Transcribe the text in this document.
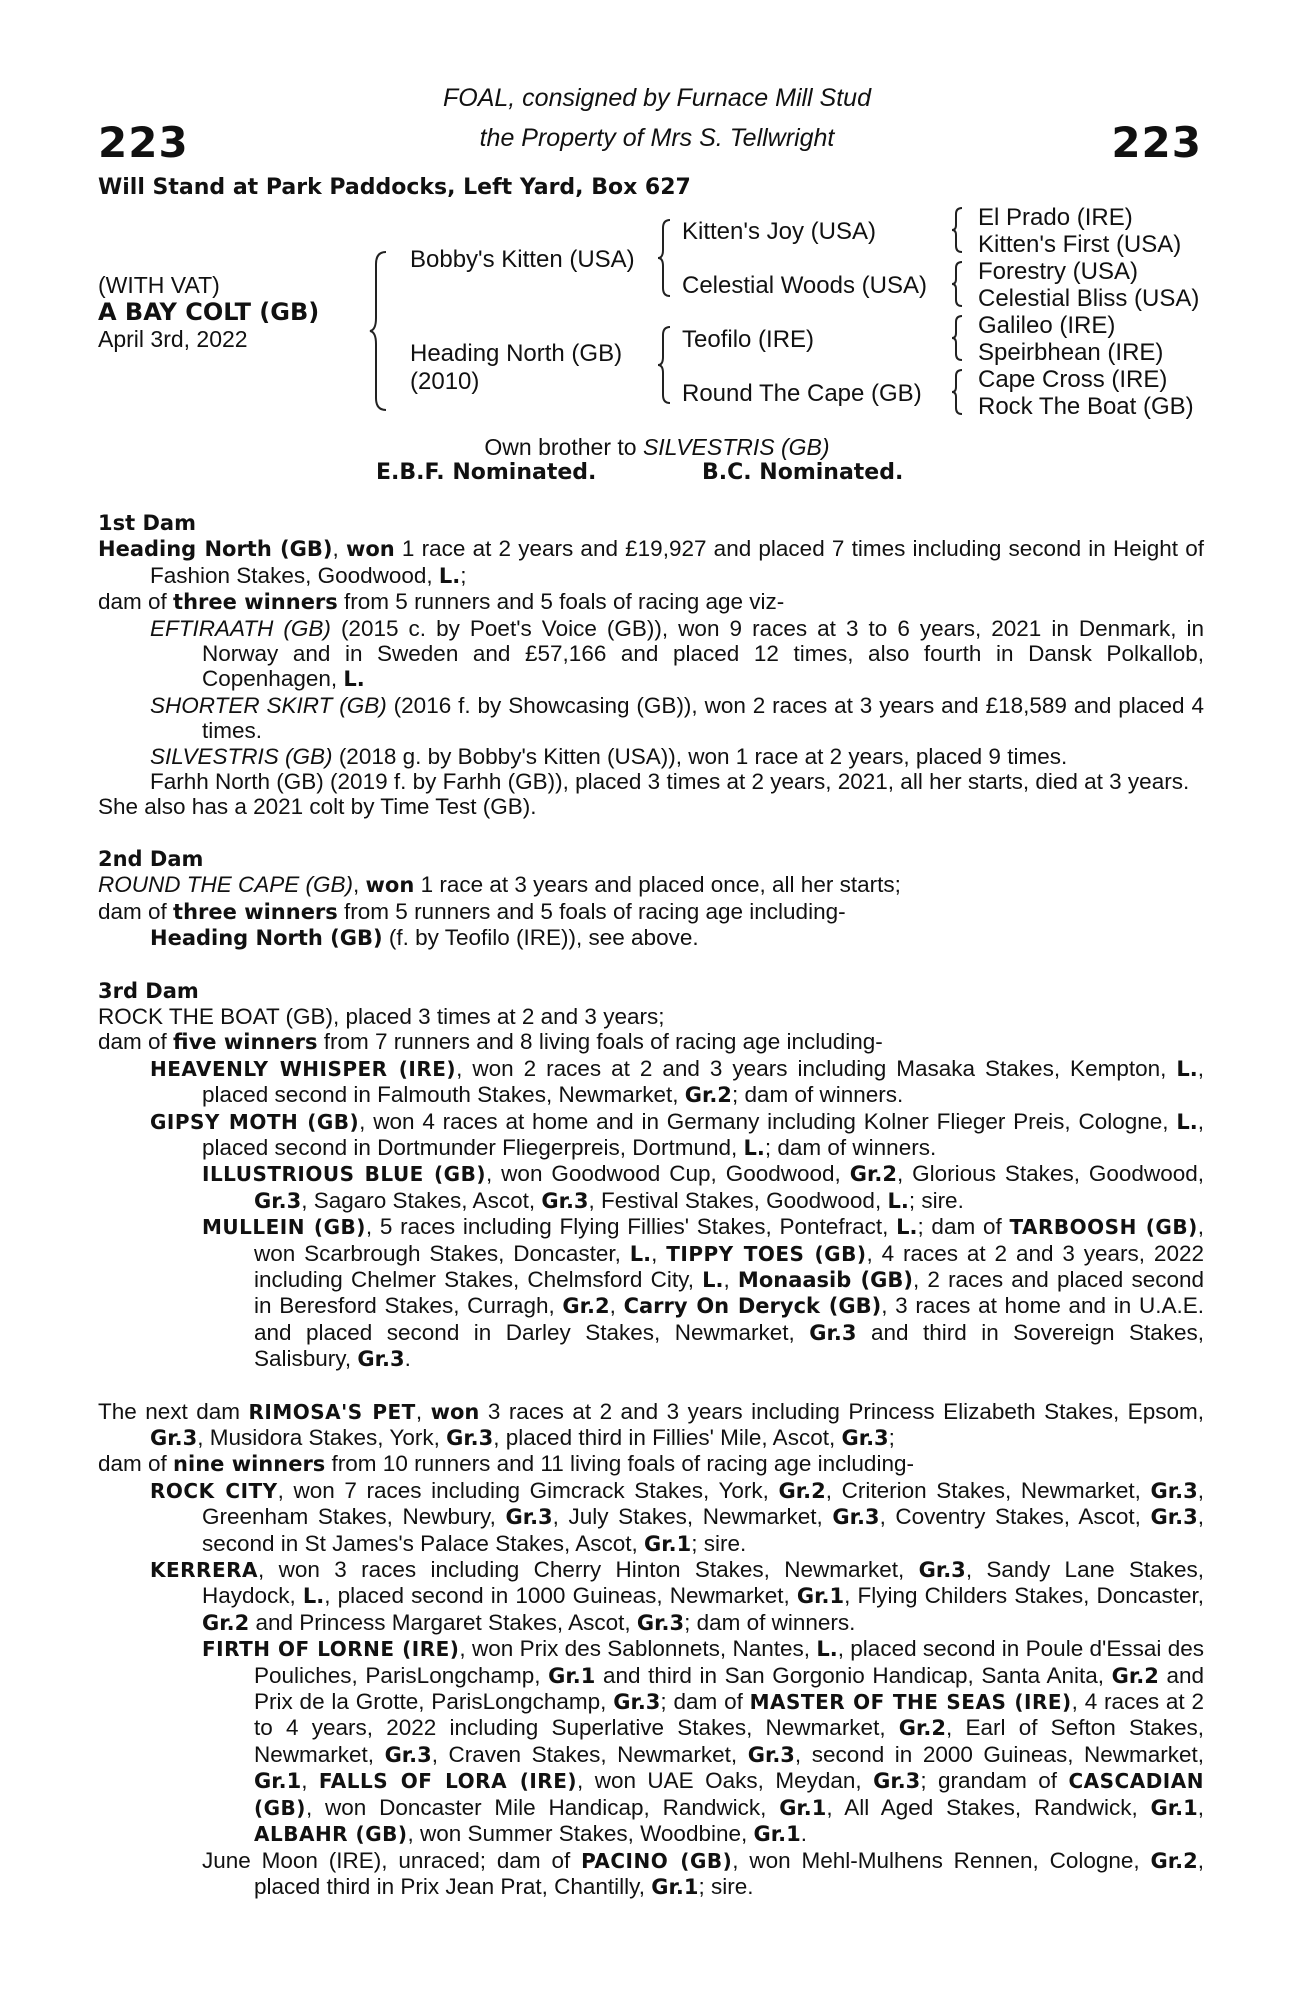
223	223
FOAL, consigned by Furnace Mill Stud
the Property of Mrs S. Tellwright
Will Stand at Park Paddocks, Left Yard, Box 627
(WITH VAT)
A BAY COLT (GB)
April 3rd, 2022
Bobby's Kitten (USA)
Heading North (GB)
(2010)
Kitten's Joy (USA)
Celestial Woods (USA)
Teofilo (IRE)
Round The Cape (GB)
El Prado (IRE)
Kitten's First (USA)
Forestry (USA)
Celestial Bliss (USA)
Galileo (IRE)
Speirbhean (IRE)
Cape Cross (IRE)
Rock The Boat (GB)
Own brother to SILVESTRIS (GB)
E.B.F. Nominated.	B.C. Nominated.

1st Dam

Heading North (GB), won 1 race at 2 years and £19,927 and placed 7 times including second in Height of Fashion Stakes, Goodwood, L.;

dam of three winners from 5 runners and 5 foals of racing age viz-

EFTIRAATH (GB) (2015 c. by Poet's Voice (GB)), won 9 races at 3 to 6 years, 2021 in Denmark, in Norway and in Sweden and £57,166 and placed 12 times, also fourth in Dansk Polkallob, Copenhagen, L.

SHORTER SKIRT (GB) (2016 f. by Showcasing (GB)), won 2 races at 3 years and £18,589 and placed 4 times.

SILVESTRIS (GB) (2018 g. by Bobby's Kitten (USA)), won 1 race at 2 years, placed 9 times.

Farhh North (GB) (2019 f. by Farhh (GB)), placed 3 times at 2 years, 2021, all her starts, died at 3 years.

She also has a 2021 colt by Time Test (GB).

2nd Dam

ROUND THE CAPE (GB), won 1 race at 3 years and placed once, all her starts;

dam of three winners from 5 runners and 5 foals of racing age including-

Heading North (GB) (f. by Teofilo (IRE)), see above.

3rd Dam

ROCK THE BOAT (GB), placed 3 times at 2 and 3 years;

dam of five winners from 7 runners and 8 living foals of racing age including-

HEAVENLY WHISPER (IRE), won 2 races at 2 and 3 years including Masaka Stakes, Kempton, L., placed second in Falmouth Stakes, Newmarket, Gr.2; dam of winners.

GIPSY MOTH (GB), won 4 races at home and in Germany including Kolner Flieger Preis, Cologne, L., placed second in Dortmunder Fliegerpreis, Dortmund, L.; dam of winners.

ILLUSTRIOUS BLUE (GB), won Goodwood Cup, Goodwood, Gr.2, Glorious Stakes, Goodwood, Gr.3, Sagaro Stakes, Ascot, Gr.3, Festival Stakes, Goodwood, L.; sire.

MULLEIN (GB), 5 races including Flying Fillies' Stakes, Pontefract, L.; dam of TARBOOSH (GB), won Scarbrough Stakes, Doncaster, L., TIPPY TOES (GB), 4 races at 2 and 3 years, 2022 including Chelmer Stakes, Chelmsford City, L., Monaasib (GB), 2 races and placed second in Beresford Stakes, Curragh, Gr.2, Carry On Deryck (GB), 3 races at home and in U.A.E. and placed second in Darley Stakes, Newmarket, Gr.3 and third in Sovereign Stakes, Salisbury, Gr.3.

The next dam RIMOSA'S PET, won 3 races at 2 and 3 years including Princess Elizabeth Stakes, Epsom, Gr.3, Musidora Stakes, York, Gr.3, placed third in Fillies' Mile, Ascot, Gr.3;

dam of nine winners from 10 runners and 11 living foals of racing age including-

ROCK CITY, won 7 races including Gimcrack Stakes, York, Gr.2, Criterion Stakes, Newmarket, Gr.3, Greenham Stakes, Newbury, Gr.3, July Stakes, Newmarket, Gr.3, Coventry Stakes, Ascot, Gr.3, second in St James's Palace Stakes, Ascot, Gr.1; sire.

KERRERA, won 3 races including Cherry Hinton Stakes, Newmarket, Gr.3, Sandy Lane Stakes, Haydock, L., placed second in 1000 Guineas, Newmarket, Gr.1, Flying Childers Stakes, Doncaster, Gr.2 and Princess Margaret Stakes, Ascot, Gr.3; dam of winners.

FIRTH OF LORNE (IRE), won Prix des Sablonnets, Nantes, L., placed second in Poule d'Essai des Pouliches, ParisLongchamp, Gr.1 and third in San Gorgonio Handicap, Santa Anita, Gr.2 and Prix de la Grotte, ParisLongchamp, Gr.3; dam of MASTER OF THE SEAS (IRE), 4 races at 2 to 4 years, 2022 including Superlative Stakes, Newmarket, Gr.2, Earl of Sefton Stakes, Newmarket, Gr.3, Craven Stakes, Newmarket, Gr.3, second in 2000 Guineas, Newmarket, Gr.1, FALLS OF LORA (IRE), won UAE Oaks, Meydan, Gr.3; grandam of CASCADIAN (GB), won Doncaster Mile Handicap, Randwick, Gr.1, All Aged Stakes, Randwick, Gr.1, ALBAHR (GB), won Summer Stakes, Woodbine, Gr.1.

June Moon (IRE), unraced; dam of PACINO (GB), won Mehl-Mulhens Rennen, Cologne, Gr.2, placed third in Prix Jean Prat, Chantilly, Gr.1; sire.
